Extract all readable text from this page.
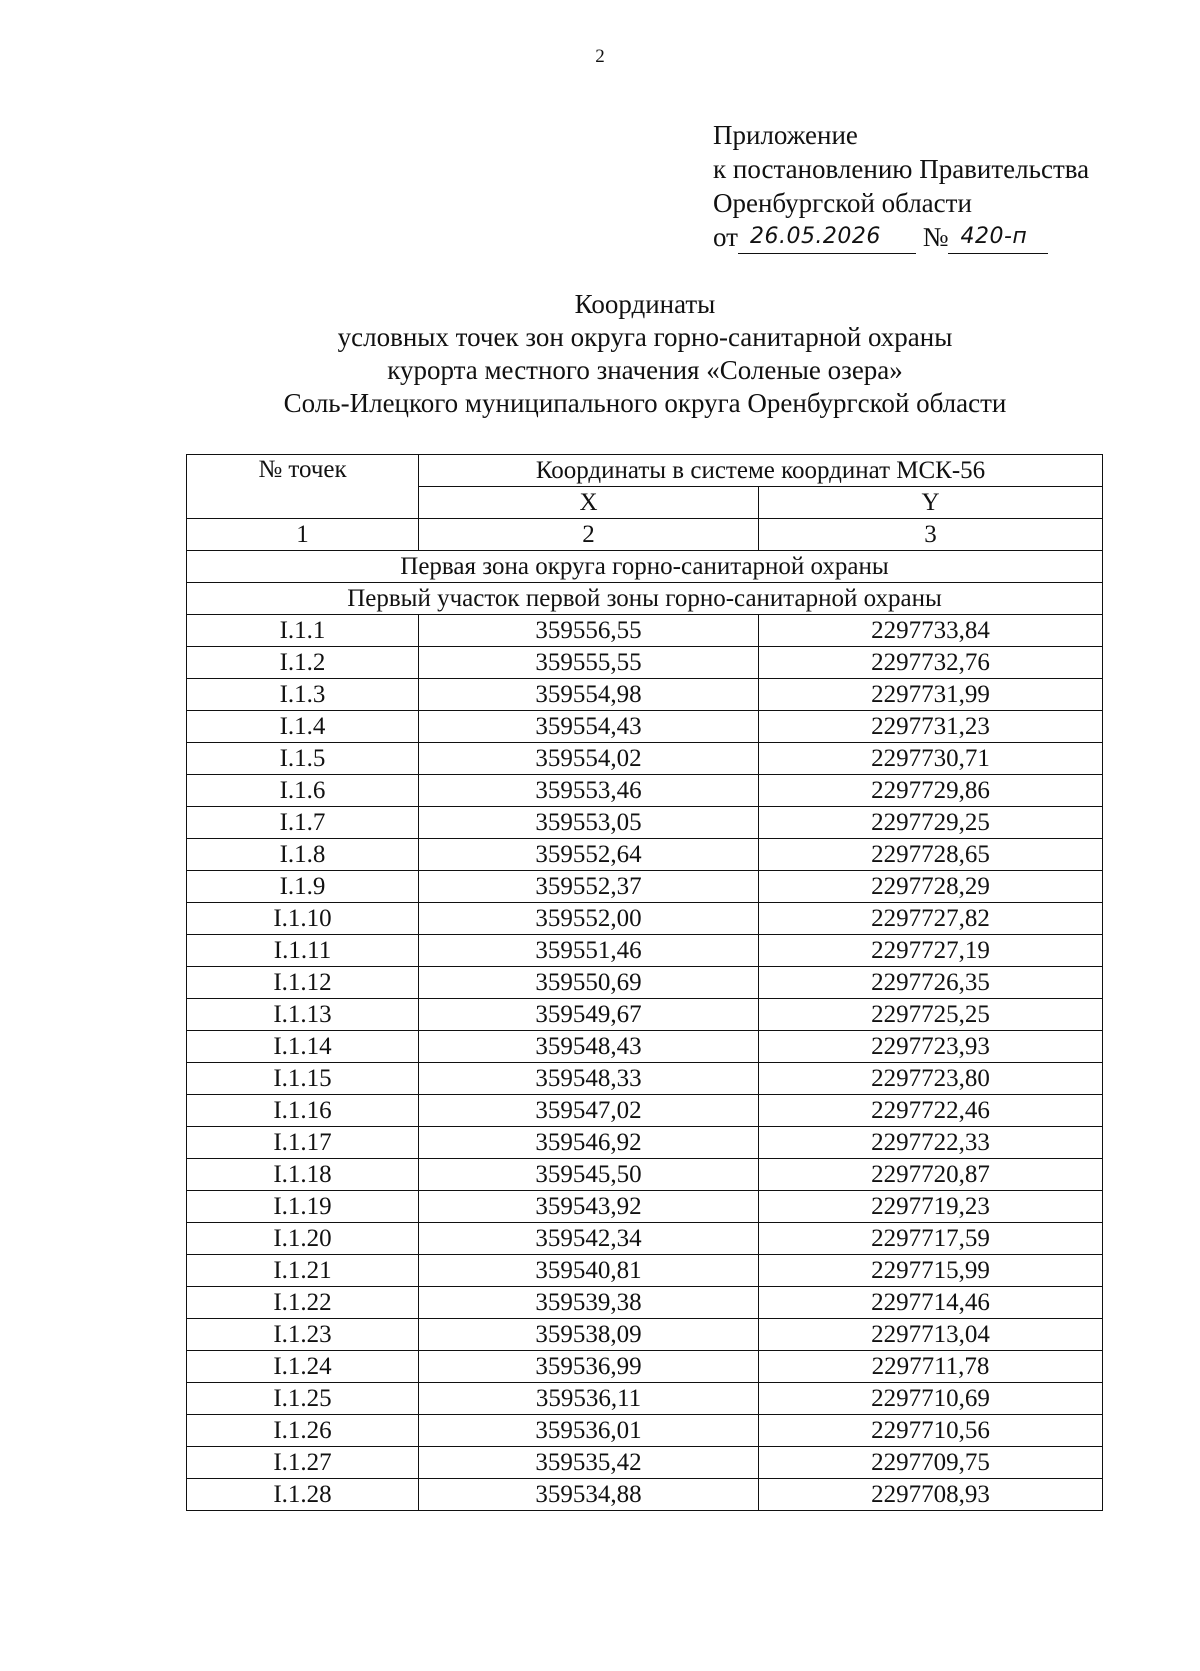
2
Приложение
к постановлению Правительства
Оренбургской области
от 26.05.2026 № 420-п
Координаты
условных точек зон округа горно-санитарной охраны
курорта местного значения «Соленые озера»
Соль-Илецкого муниципального округа Оренбургской области
№ точек	Координаты в системе координат МСК-56	
	X	Y
1	2	3
Первая зона округа горно-санитарной охраны		
Первый участок первой зоны горно-санитарной охраны		
I.1.1	359556,55	2297733,84
I.1.2	359555,55	2297732,76
I.1.3	359554,98	2297731,99
I.1.4	359554,43	2297731,23
I.1.5	359554,02	2297730,71
I.1.6	359553,46	2297729,86
I.1.7	359553,05	2297729,25
I.1.8	359552,64	2297728,65
I.1.9	359552,37	2297728,29
I.1.10	359552,00	2297727,82
I.1.11	359551,46	2297727,19
I.1.12	359550,69	2297726,35
I.1.13	359549,67	2297725,25
I.1.14	359548,43	2297723,93
I.1.15	359548,33	2297723,80
I.1.16	359547,02	2297722,46
I.1.17	359546,92	2297722,33
I.1.18	359545,50	2297720,87
I.1.19	359543,92	2297719,23
I.1.20	359542,34	2297717,59
I.1.21	359540,81	2297715,99
I.1.22	359539,38	2297714,46
I.1.23	359538,09	2297713,04
I.1.24	359536,99	2297711,78
I.1.25	359536,11	2297710,69
I.1.26	359536,01	2297710,56
I.1.27	359535,42	2297709,75
I.1.28	359534,88	2297708,93
